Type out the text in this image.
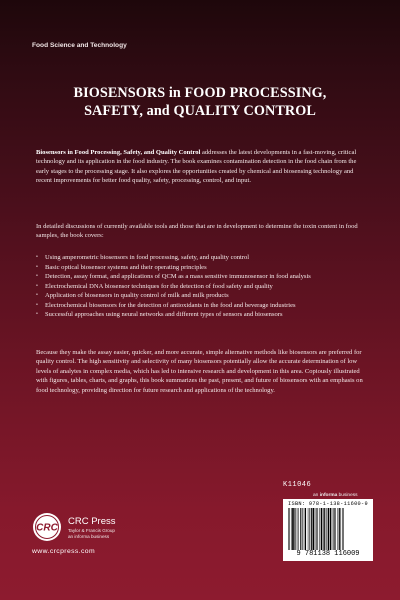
Food Science and Technology
BIOSENSORS in FOOD PROCESSING,
SAFETY, and QUALITY CONTROL

Biosensors in Food Processing, Safety, and Quality Control addresses the latest developments in a fast-moving, critical technology and its application in the food industry. The book examines contamination detection in the food chain from the early stages to the processing stage. It also explores the opportunities created by chemical and biosensing technology and recent improvements for better food quality, safety, processing, control, and input.

In detailed discussions of currently available tools and those that are in development to determine the toxin content in food samples, the book covers:

• Using amperometric biosensors in food processing, safety, and quality control
• Basic optical biosensor systems and their operating principles
• Detection, assay format, and applications of QCM as a mass sensitive immunosensor in food analysis
• Electrochemical DNA biosensor techniques for the detection of food safety and quality
• Application of biosensors in quality control of milk and milk products
• Electrochemical biosensors for the detection of antioxidants in the food and beverage industries
• Successful approaches using neural networks and different types of sensors and biosensors

Because they make the assay easier, quicker, and more accurate, simple alternative methods like biosensors are preferred for quality control. The high sensitivity and selectivity of many biosensors potentially allow the accurate determination of low levels of analytes in complex media, which has led to intensive research and development in this area. Copiously illustrated with figures, tables, charts, and graphs, this book summarizes the past, present, and future of biosensors with an emphasis on food technology, providing direction for future research and applications of the technology.

K11046
an informa business
ISBN: 978-1-138-11600-9
9 781138 116009
CRC
CRC Press
Taylor & Francis Group
an informa business
www.crcpress.com
